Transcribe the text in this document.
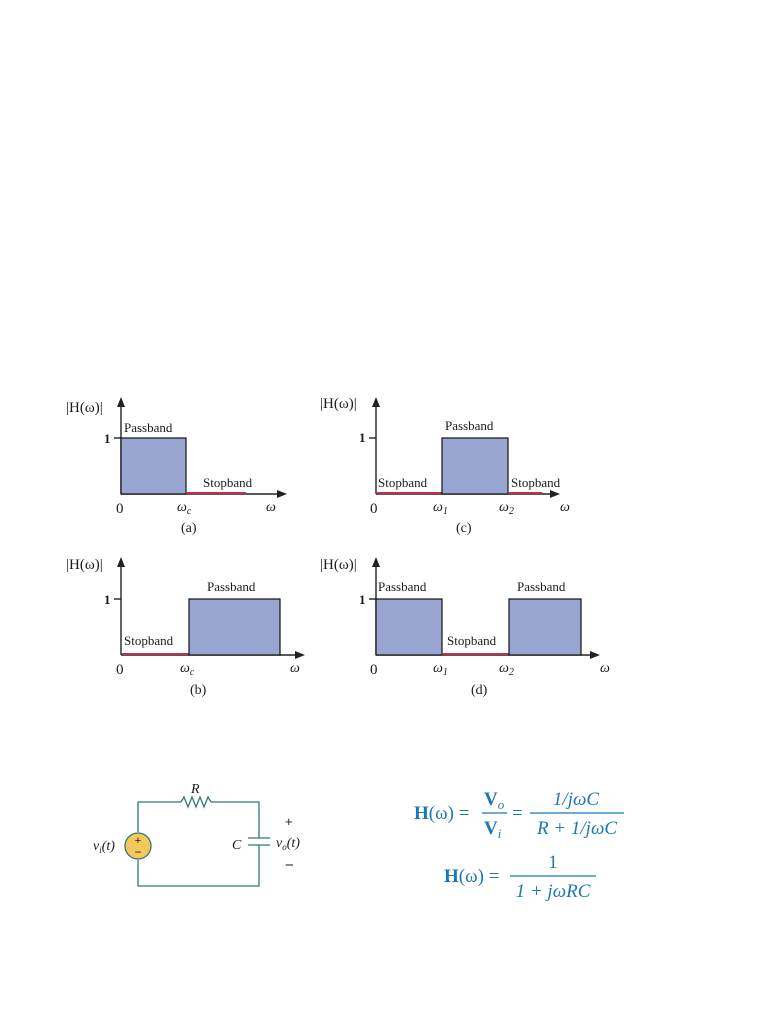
|H(ω)|
1
Passband
Stopband
0	$\omega_c$	ω
(a)
|H(ω)|
1
Stopband
Passband
Stopband
0	$\omega_1$	$\omega_2$	ω
(c)
|H(ω)|
1
Stopband
Passband
0	$\omega_c$	ω
(b)
|H(ω)|
1
Passband
Stopband
Passband
0	$\omega_1$	$\omega_2$	ω
(d)
+
−
R
C
$v_i(t)$	$v_o(t)$
+
−
H(ω) =
$V_o$
$V_i$
=
1/jωC
R + 1/jωC
H(ω) =
1
1 + jωRC
